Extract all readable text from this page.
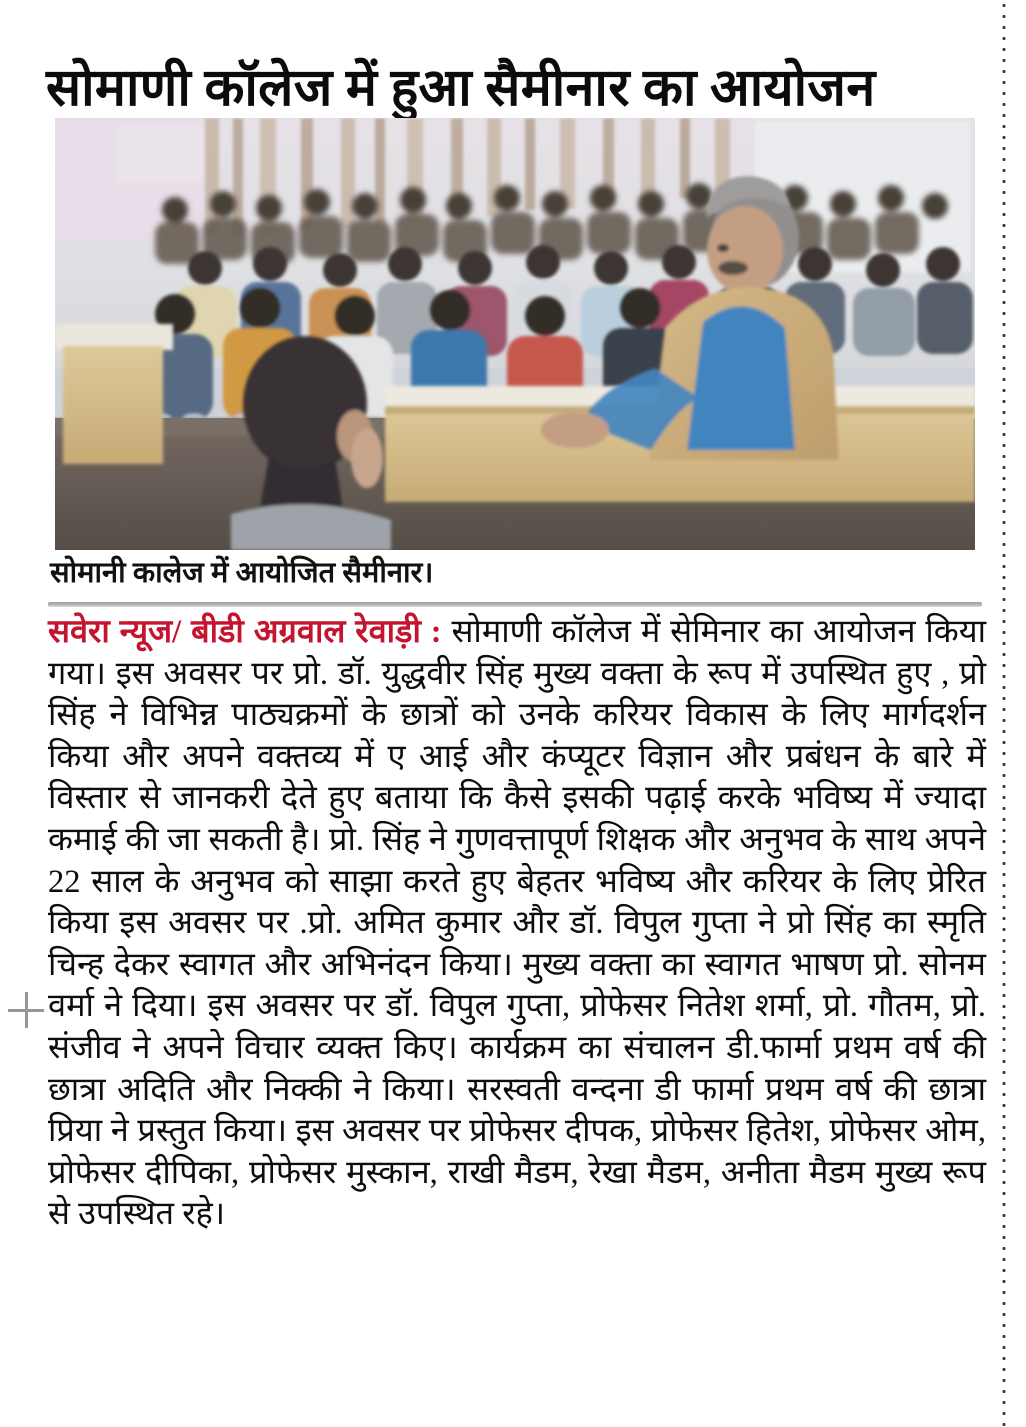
सोमाणी कॉलेज में हुआ सैमीनार का आयोजन
सोमानी कालेज में आयोजित सैमीनार।
सवेरा न्यूज/ बीडी अग्रवाल रेवाड़ी : सोमाणी कॉलेज में सेमिनार का आयोजन किया गया। इस अवसर पर प्रो. डॉ. युद्धवीर सिंह मुख्य वक्ता के रूप में उपस्थित हुए , प्रो सिंह ने विभिन्न पाठ्यक्रमों के छात्रों को उनके करियर विकास के लिए मार्गदर्शन किया और अपने वक्तव्य में ए आई और कंप्यूटर विज्ञान और प्रबंधन के बारे में विस्तार से जानकरी देते हुए बताया कि कैसे इसकी पढ़ाई करके भविष्य में ज्यादा कमाई की जा सकती है। प्रो. सिंह ने गुणवत्तापूर्ण शिक्षक और अनुभव के साथ अपने 22 साल के अनुभव को साझा करते हुए बेहतर भविष्य और करियर के लिए प्रेरित किया इस अवसर पर .प्रो. अमित कुमार और डॉ. विपुल गुप्ता ने प्रो सिंह का स्मृति चिन्ह देकर स्वागत और अभिनंदन किया। मुख्य वक्ता का स्वागत भाषण प्रो. सोनम वर्मा ने दिया। इस अवसर पर डॉ. विपुल गुप्ता, प्रोफेसर नितेश शर्मा, प्रो. गौतम, प्रो. संजीव ने अपने विचार व्यक्त किए। कार्यक्रम का संचालन डी.फार्मा प्रथम वर्ष की छात्रा अदिति और निक्की ने किया। सरस्वती वन्दना डी फार्मा प्रथम वर्ष की छात्रा प्रिया ने प्रस्तुत किया। इस अवसर पर प्रोफेसर दीपक, प्रोफेसर हितेश, प्रोफेसर ओम, प्रोफेसर दीपिका, प्रोफेसर मुस्कान, राखी मैडम, रेखा मैडम, अनीता मैडम मुख्य रूप से उपस्थित रहे।
